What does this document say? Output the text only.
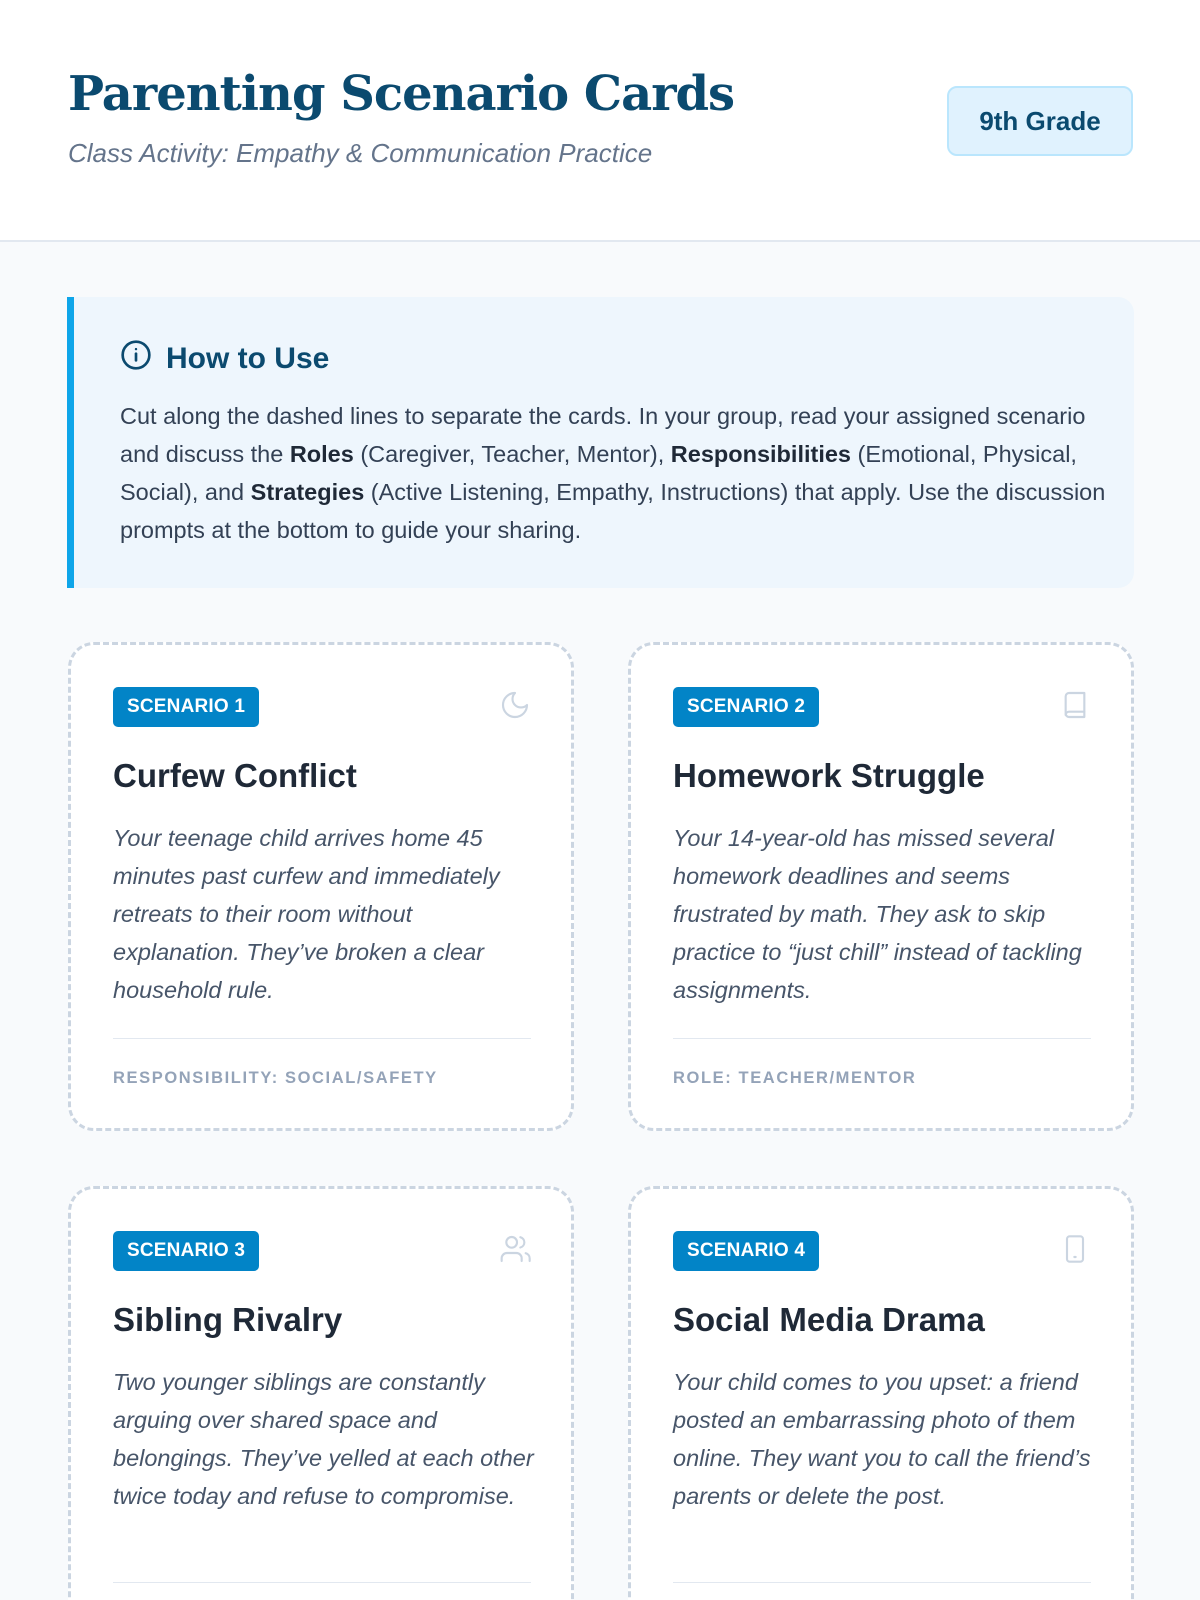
Parenting Scenario Cards
Class Activity: Empathy & Communication Practice
9th Grade
How to Use
Cut along the dashed lines to separate the cards. In your group, read your assigned scenario and discuss the Roles (Caregiver, Teacher, Mentor), Responsibilities (Emotional, Physical, Social), and Strategies (Active Listening, Empathy, Instructions) that apply. Use the discussion prompts at the bottom to guide your sharing.
SCENARIO 1
Curfew Conflict
Your teenage child arrives home 45 minutes past curfew and immediately retreats to their room without explanation. They’ve broken a clear household rule.
RESPONSIBILITY: SOCIAL/SAFETY
SCENARIO 2
Homework Struggle
Your 14-year-old has missed several homework deadlines and seems frustrated by math. They ask to skip practice to “just chill” instead of tackling assignments.
ROLE: TEACHER/MENTOR
SCENARIO 3
Sibling Rivalry
Two younger siblings are constantly arguing over shared space and belongings. They’ve yelled at each other twice today and refuse to compromise.
SCENARIO 4
Social Media Drama
Your child comes to you upset: a friend posted an embarrassing photo of them online. They want you to call the friend’s parents or delete the post.
